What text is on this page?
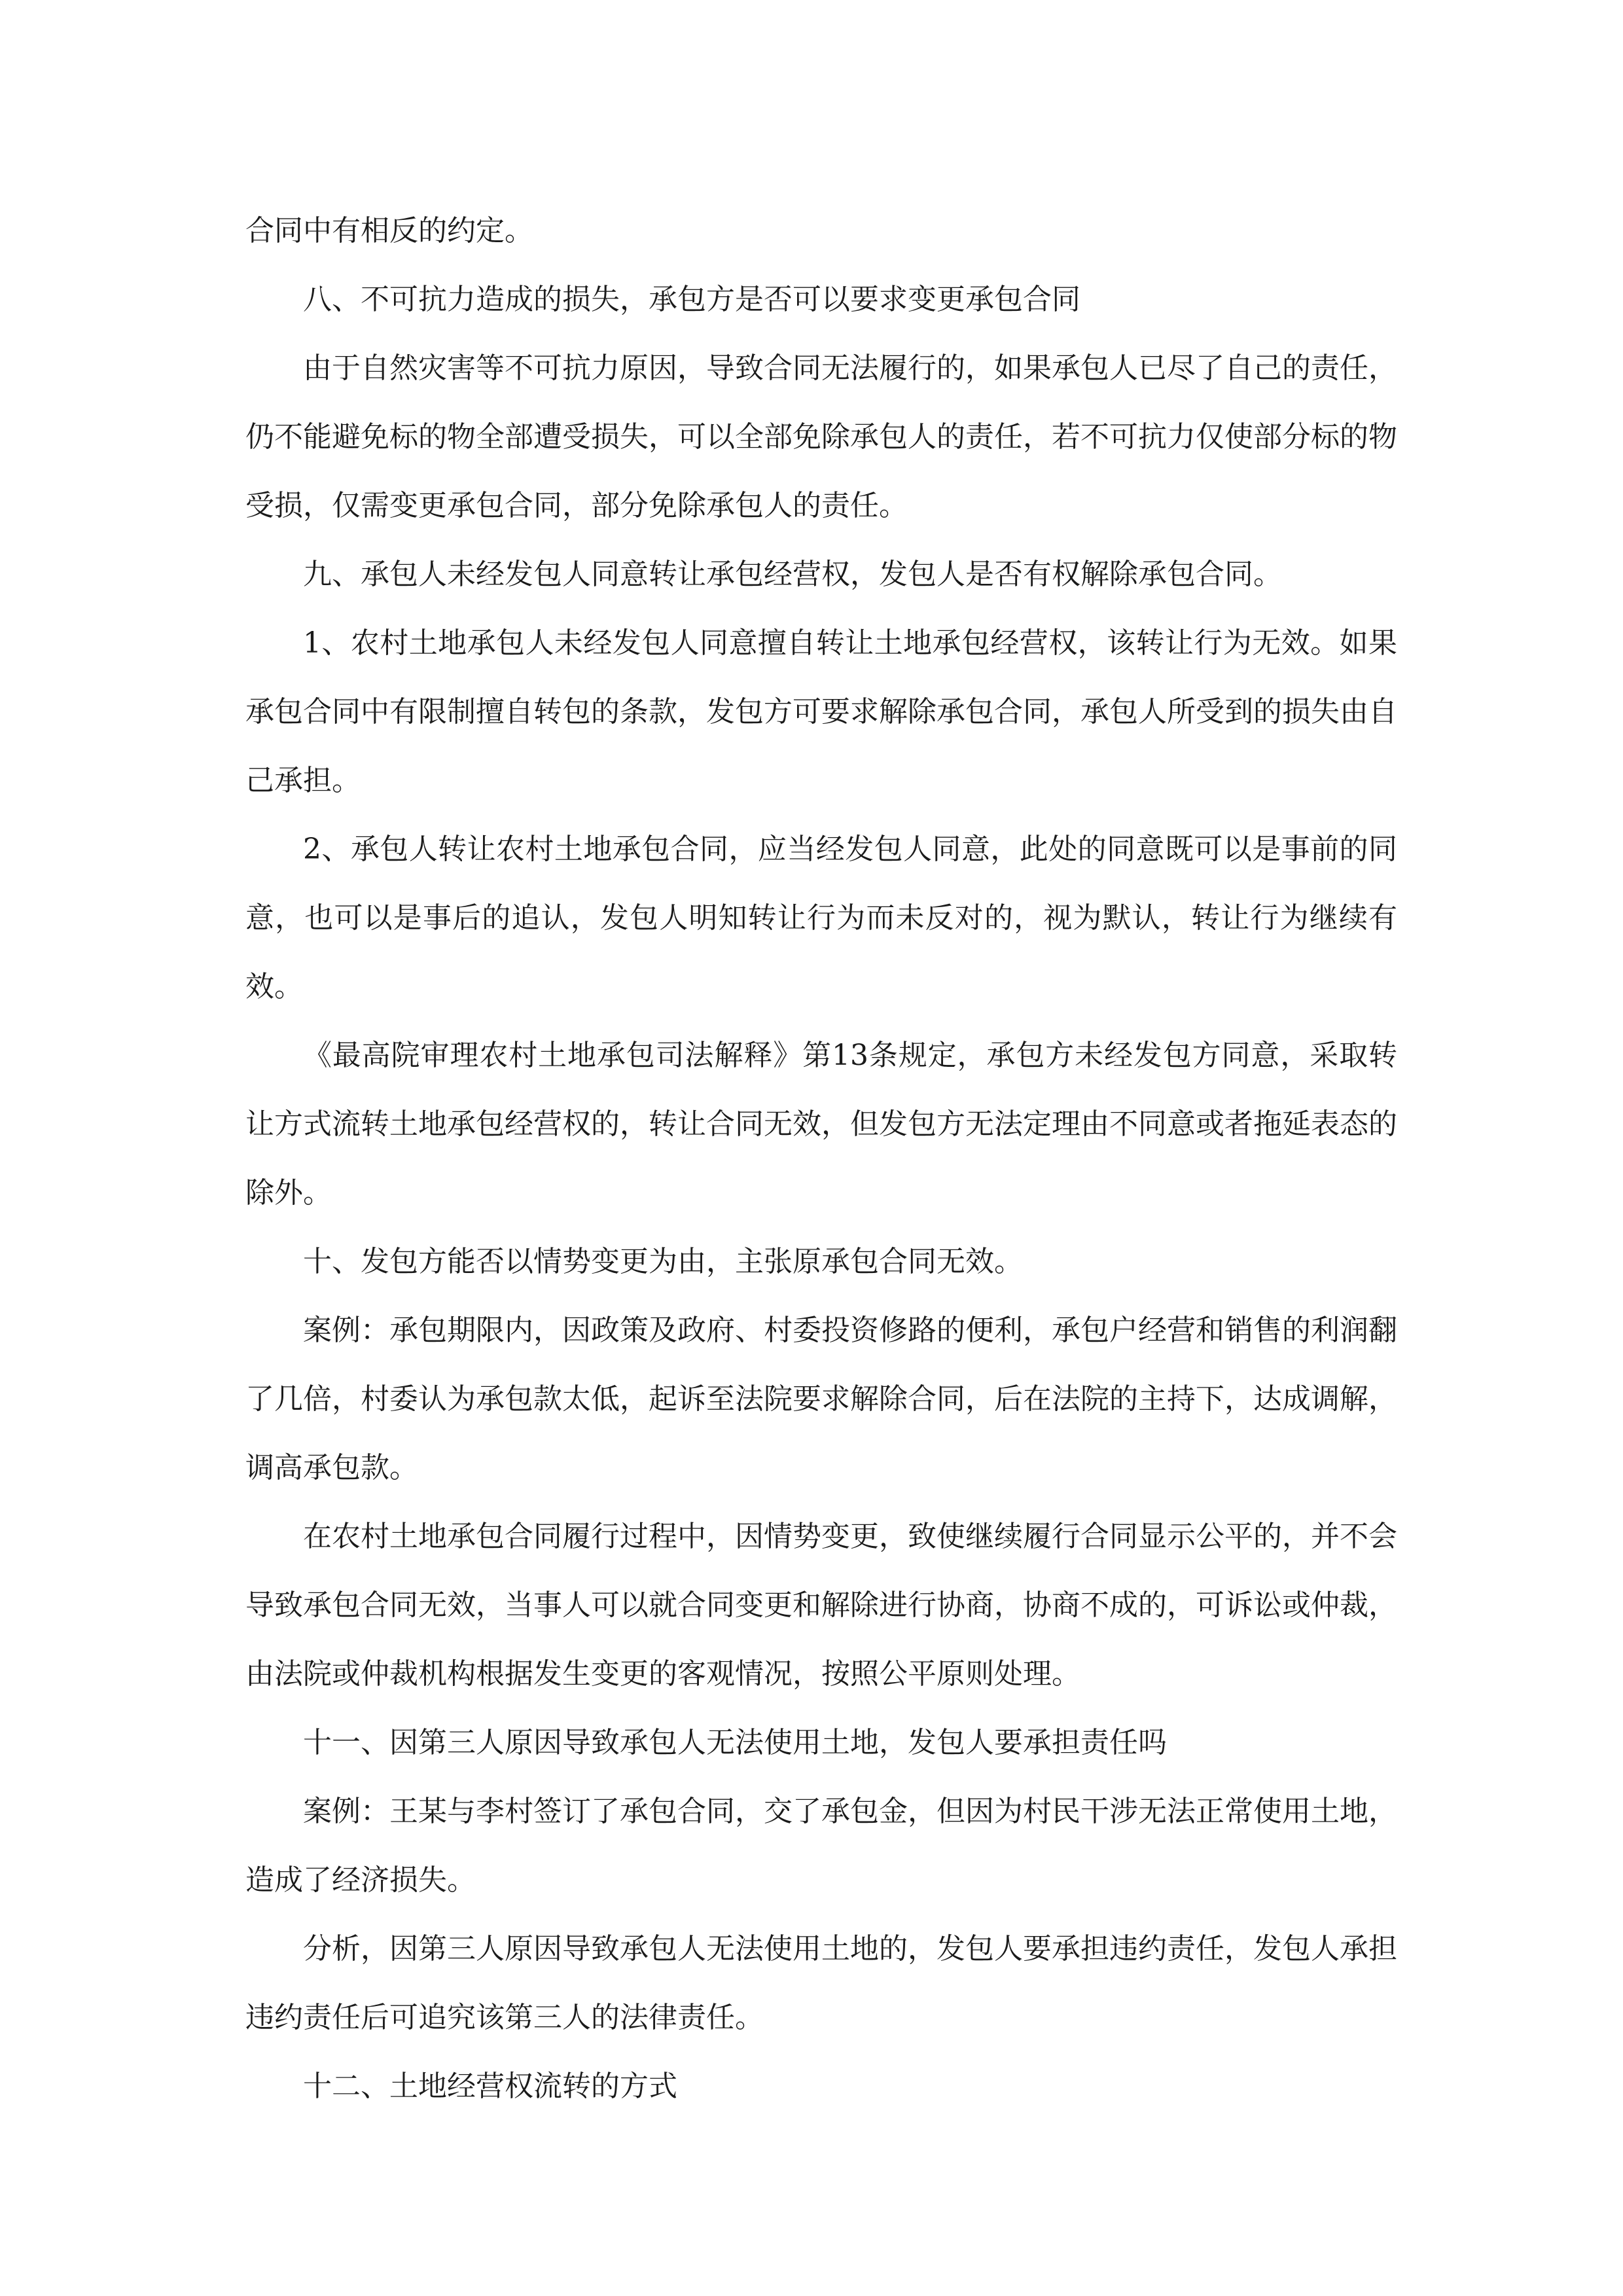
合同中有相反的约定。

八、不可抗力造成的损失，承包方是否可以要求变更承包合同

由于自然灾害等不可抗力原因，导致合同无法履行的，如果承包人已尽了自己的责任，仍不能避免标的物全部遭受损失，可以全部免除承包人的责任，若不可抗力仅使部分标的物受损，仅需变更承包合同，部分免除承包人的责任。

九、承包人未经发包人同意转让承包经营权，发包人是否有权解除承包合同。

1、农村土地承包人未经发包人同意擅自转让土地承包经营权，该转让行为无效。如果承包合同中有限制擅自转包的条款，发包方可要求解除承包合同，承包人所受到的损失由自己承担。

2、承包人转让农村土地承包合同，应当经发包人同意，此处的同意既可以是事前的同意，也可以是事后的追认，发包人明知转让行为而未反对的，视为默认，转让行为继续有效。

《最高院审理农村土地承包司法解释》第13条规定，承包方未经发包方同意，采取转让方式流转土地承包经营权的，转让合同无效，但发包方无法定理由不同意或者拖延表态的除外。

十、发包方能否以情势变更为由，主张原承包合同无效。

案例：承包期限内，因政策及政府、村委投资修路的便利，承包户经营和销售的利润翻了几倍，村委认为承包款太低，起诉至法院要求解除合同，后在法院的主持下，达成调解，调高承包款。

在农村土地承包合同履行过程中，因情势变更，致使继续履行合同显示公平的，并不会导致承包合同无效，当事人可以就合同变更和解除进行协商，协商不成的，可诉讼或仲裁，由法院或仲裁机构根据发生变更的客观情况，按照公平原则处理。

十一、因第三人原因导致承包人无法使用土地，发包人要承担责任吗

案例：王某与李村签订了承包合同，交了承包金，但因为村民干涉无法正常使用土地，造成了经济损失。

分析，因第三人原因导致承包人无法使用土地的，发包人要承担违约责任，发包人承担违约责任后可追究该第三人的法律责任。

十二、土地经营权流转的方式
